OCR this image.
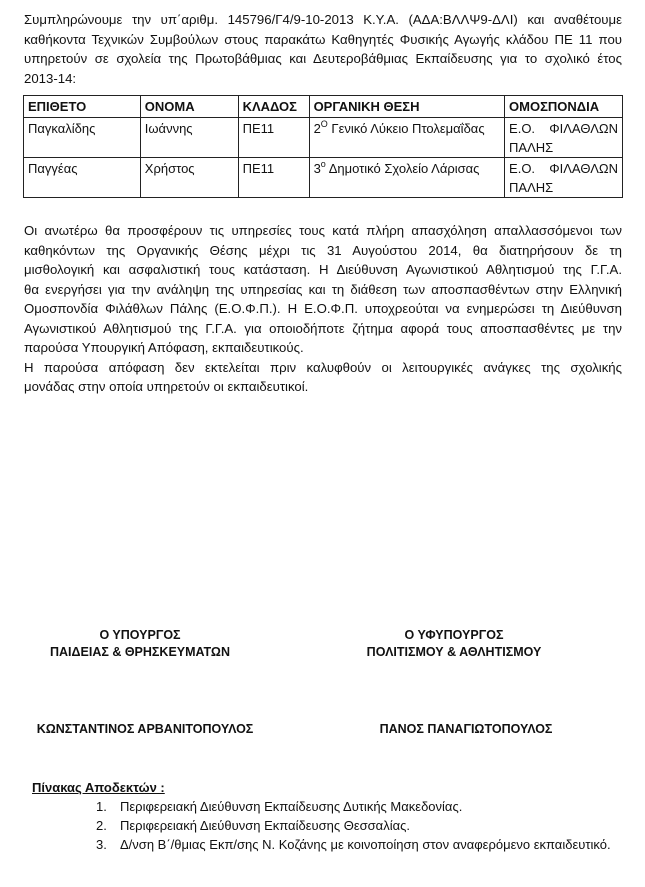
Συμπληρώνουμε την υπ΄αριθμ. 145796/Γ4/9-10-2013 Κ.Υ.Α. (ΑΔΑ:ΒΛΛΨ9-ΔΛΙ) και αναθέτουμε
καθήκοντα Τεχνικών Συμβούλων στους παρακάτω Καθηγητές Φυσικής Αγωγής κλάδου ΠΕ 11 που
υπηρετούν σε σχολεία της Πρωτοβάθμιας και Δευτεροβάθμιας Εκπαίδευσης για το σχολικό έτος
2013-14:
ΕΠΙΘΕΤΟ	ΟΝΟΜΑ	ΚΛΑΔΟΣ	ΟΡΓΑΝΙΚΗ ΘΕΣΗ	ΟΜΟΣΠΟΝΔΙΑ
Παγκαλίδης	Ιωάννης	ΠΕ11	$2^O$ Γενικό Λύκειο Πτολεμαΐδας	Ε.Ο. ΦΙΛΑΘΛΩΝ
ΠΑΛΗΣ

Παγγέας	Χρήστος	ΠΕ11	$3^o$ Δημοτικό Σχολείο Λάρισας	Ε.Ο. ΦΙΛΑΘΛΩΝ
ΠΑΛΗΣ
Οι ανωτέρω θα προσφέρουν τις υπηρεσίες τους κατά πλήρη απασχόληση απαλλασσόμενοι των
καθηκόντων της Οργανικής Θέσης μέχρι τις 31 Αυγούστου 2014, θα διατηρήσουν δε τη
μισθολογική και ασφαλιστική τους κατάσταση. Η Διεύθυνση Αγωνιστικού Αθλητισμού της Γ.Γ.Α.
θα ενεργήσει για την ανάληψη της υπηρεσίας και τη διάθεση των αποσπασθέντων στην Ελληνική
Ομοσπονδία Φιλάθλων Πάλης (Ε.Ο.Φ.Π.). Η Ε.Ο.Φ.Π. υποχρεούται να ενημερώσει τη Διεύθυνση
Αγωνιστικού Αθλητισμού της Γ.Γ.Α. για οποιοδήποτε ζήτημα αφορά τους αποσπασθέντες με την
παρούσα Υπουργική Απόφαση, εκπαιδευτικούς.
Η παρούσα απόφαση δεν εκτελείται πριν καλυφθούν οι λειτουργικές ανάγκες της σχολικής
μονάδας στην οποία υπηρετούν οι εκπαιδευτικοί.
Ο ΥΠΟΥΡΓΟΣ
ΠΑΙΔΕΙΑΣ & ΘΡΗΣΚΕΥΜΑΤΩΝ
Ο ΥΦΥΠΟΥΡΓΟΣ
ΠΟΛΙΤΙΣΜΟΥ & ΑΘΛΗΤΙΣΜΟΥ
ΚΩΝΣΤΑΝΤΙΝΟΣ ΑΡΒΑΝΙΤΟΠΟΥΛΟΣ	ΠΑΝΟΣ ΠΑΝΑΓΙΩΤΟΠΟΥΛΟΣ
Πίνακας Αποδεκτών :
1.	Περιφερειακή Διεύθυνση Εκπαίδευσης Δυτικής Μακεδονίας.
2.	Περιφερειακή Διεύθυνση Εκπαίδευσης Θεσσαλίας.
3.	Δ/νση Β΄/θμιας Εκπ/σης Ν. Κοζάνης με κοινοποίηση στον αναφερόμενο εκπαιδευτικό.
